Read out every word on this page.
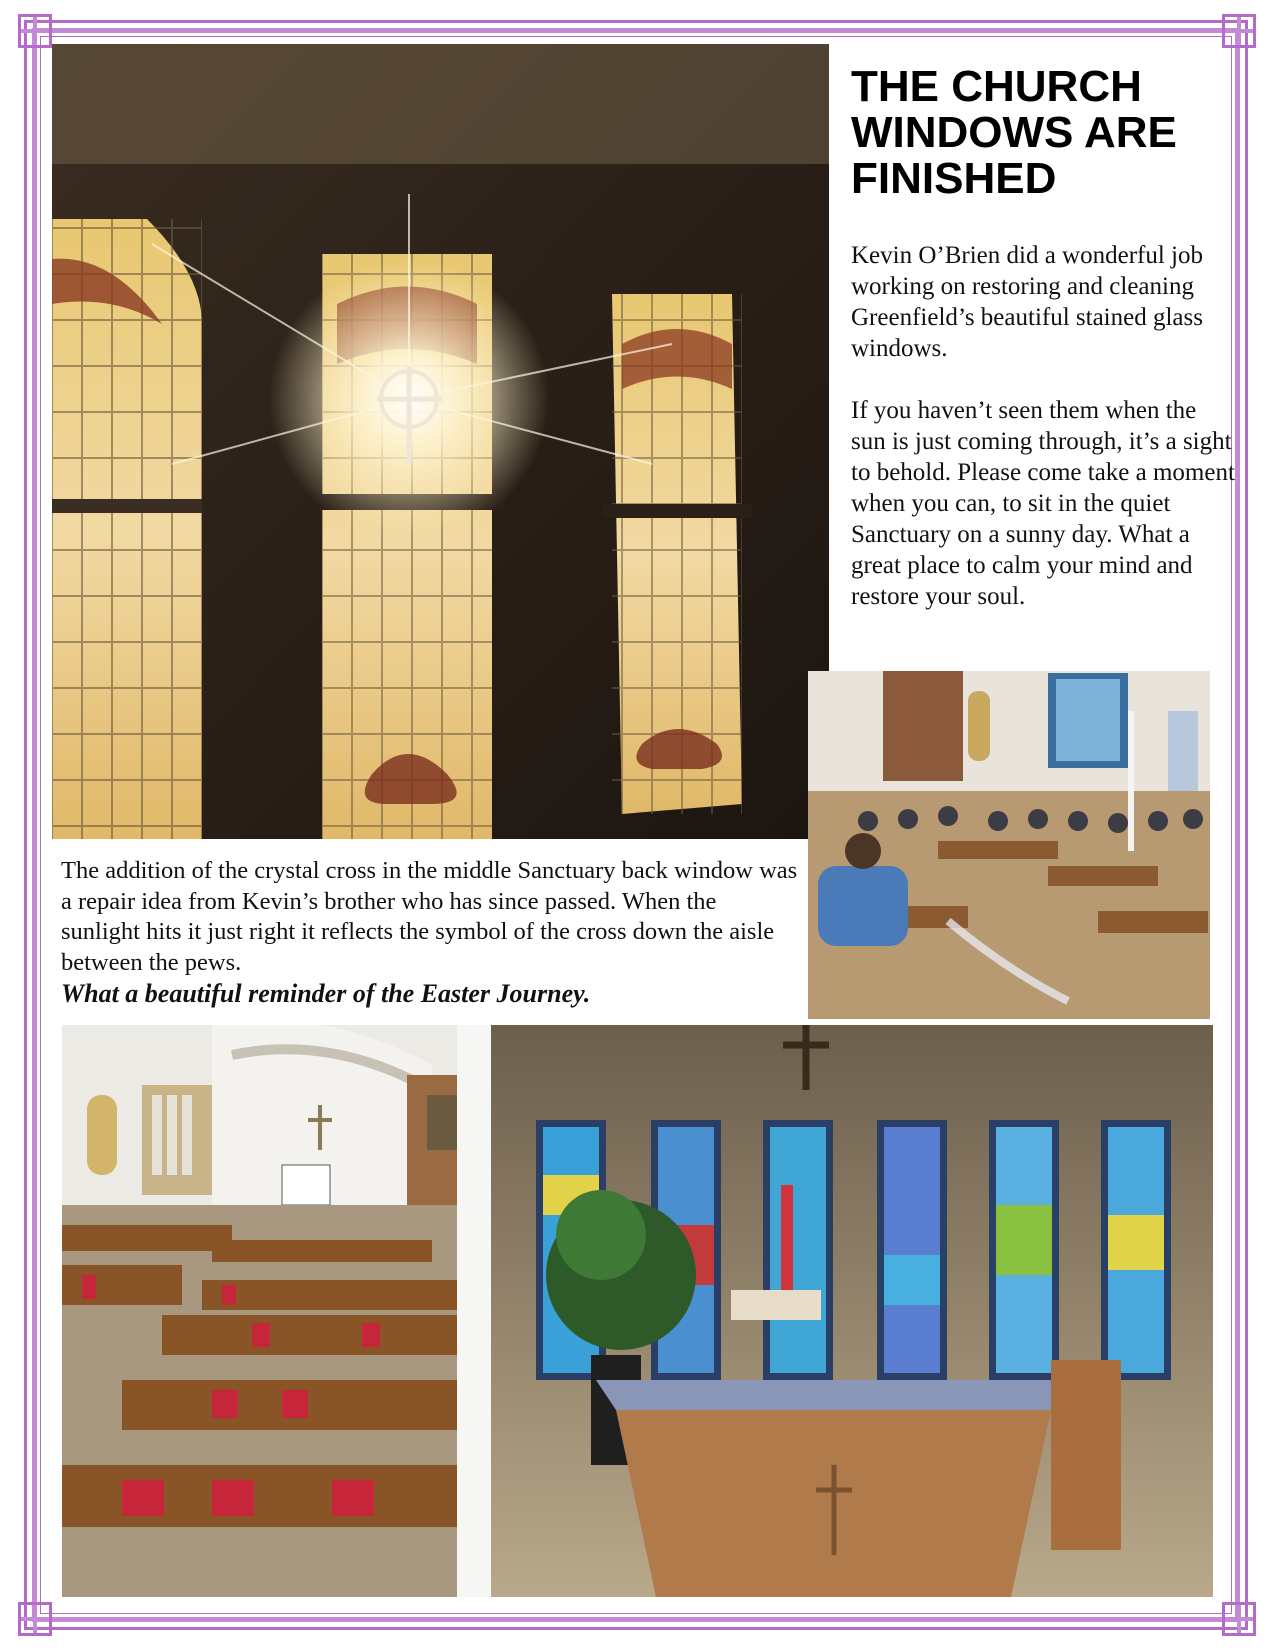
THE CHURCH WINDOWS ARE FINISHED

Kevin O’Brien did a wonderful job working on restoring and cleaning Greenfield’s beautiful stained glass windows.

If you haven’t seen them when the sun is just coming through, it’s a sight to behold. Please come take a moment when you can, to sit in the quiet Sanctuary on a sunny day. What a great place to calm your mind and restore your soul.

The addition of the crystal cross in the middle Sanctuary back window was a repair idea from Kevin’s brother who has since passed. When the sunlight hits it just right it reflects the symbol of the cross down the aisle between the pews.

What a beautiful reminder of the Easter Journey.
